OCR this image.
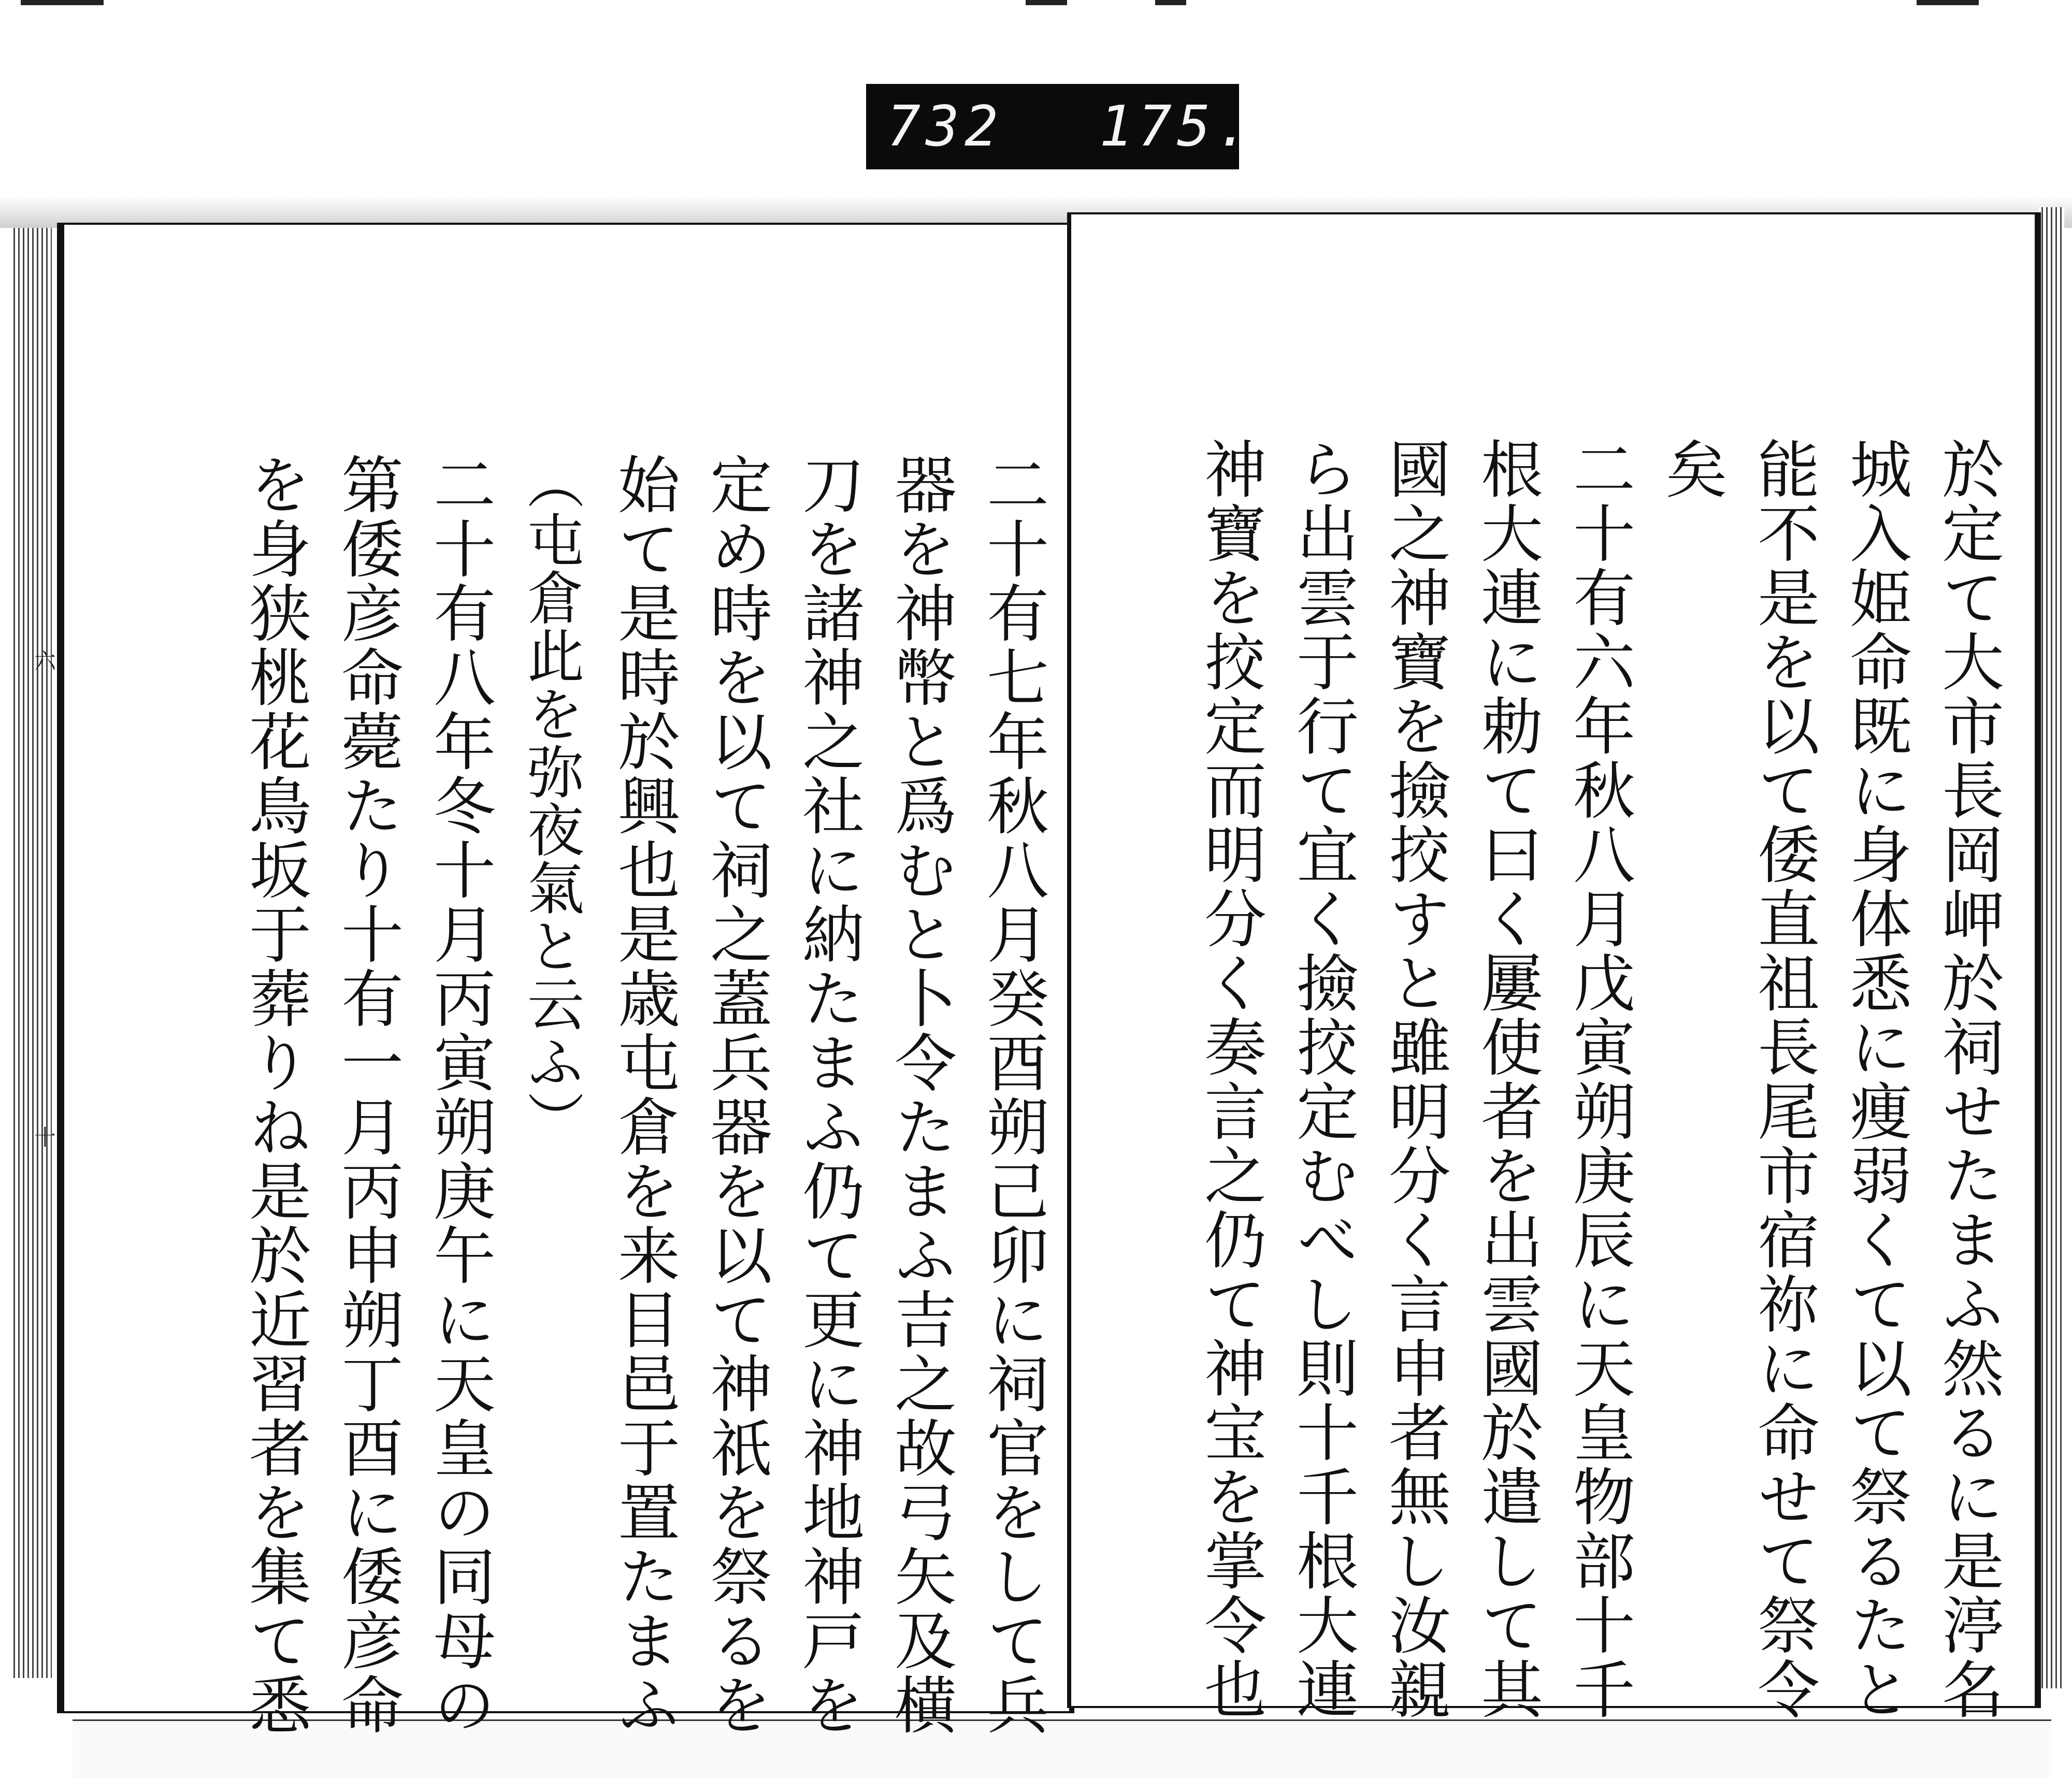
732 175.
六
十	二十有七年秋八月癸酉朔己卯に祠官をして兵
器を神幣と爲むと卜令たまふ吉之故弓矢及横
刀を諸神之社に納たまふ仍て更に神地神戸を
定め時を以て祠之蓋兵器を以て神祇を祭るを
始て是時於興也是歳屯倉を来目邑于置たまふ
（屯倉此を弥夜氣と云ふ）
二十有八年冬十月丙寅朔庚午に天皇の同母の
第倭彦命薨たり十有一月丙申朔丁酉に倭彦命
を身狭桃花鳥坂于葬りね是於近習者を集て悉	於定て大市長岡岬於祠せたまふ然るに是渟名
城入姫命既に身体悉に痩弱くて以て祭るたと
能不是を以て倭直祖長尾市宿祢に命せて祭令
矣
二十有六年秋八月戊寅朔庚辰に天皇物部十千
根大連に勅て曰く屢使者を出雲國於遣して其
國之神寶を撿挍すと雖明分く言申者無し汝親
ら出雲于行て宜く撿挍定むべし則十千根大連
神寶を挍定而明分く奏言之仍て神宝を掌令也
